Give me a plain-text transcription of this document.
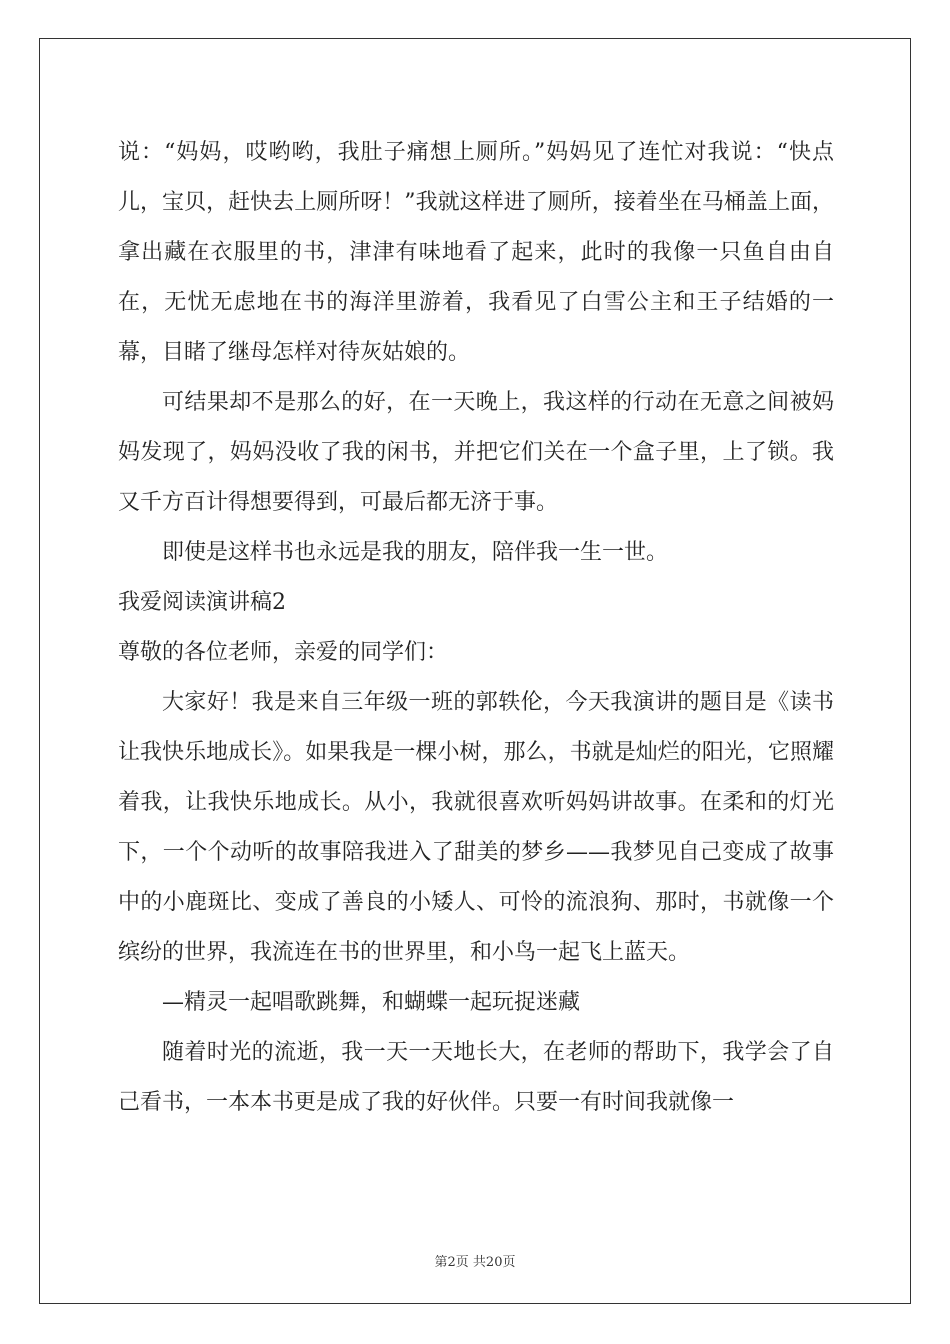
说：“妈妈，哎哟哟，我肚子痛想上厕所。”妈妈见了连忙对我说：“快点儿，宝贝，赶快去上厕所呀！”我就这样进了厕所，接着坐在马桶盖上面，拿出藏在衣服里的书，津津有味地看了起来，此时的我像一只鱼自由自在，无忧无虑地在书的海洋里游着，我看见了白雪公主和王子结婚的一幕，目睹了继母怎样对待灰姑娘的。

可结果却不是那么的好，在一天晚上，我这样的行动在无意之间被妈妈发现了，妈妈没收了我的闲书，并把它们关在一个盒子里，上了锁。我又千方百计得想要得到，可最后都无济于事。

即使是这样书也永远是我的朋友，陪伴我一生一世。

我爱阅读演讲稿2

尊敬的各位老师，亲爱的同学们：

大家好！我是来自三年级一班的郭轶伦，今天我演讲的题目是《读书让我快乐地成长》。如果我是一棵小树，那么，书就是灿烂的阳光，它照耀着我，让我快乐地成长。从小，我就很喜欢听妈妈讲故事。在柔和的灯光下，一个个动听的故事陪我进入了甜美的梦乡——我梦见自己变成了故事中的小鹿斑比、变成了善良的小矮人、可怜的流浪狗、那时，书就像一个缤纷的世界，我流连在书的世界里，和小鸟一起飞上蓝天。

—精灵一起唱歌跳舞，和蝴蝶一起玩捉迷藏

随着时光的流逝，我一天一天地长大，在老师的帮助下，我学会了自己看书，一本本书更是成了我的好伙伴。只要一有时间我就像一

第2页 共20页
